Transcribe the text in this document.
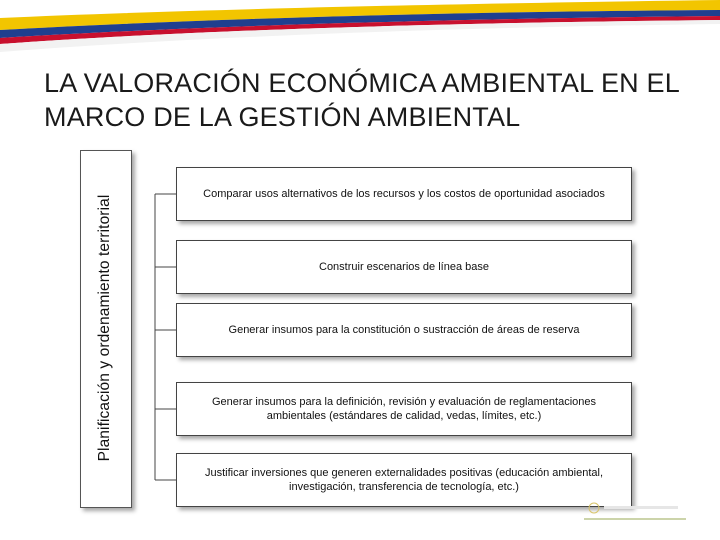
LA VALORACIÓN ECONÓMICA AMBIENTAL EN EL
MARCO DE LA GESTIÓN AMBIENTAL
Planificación y ordenamiento territorial
Comparar usos alternativos de los recursos y los costos de oportunidad asociados
Construir escenarios de línea base
Generar insumos para la constitución o sustracción de áreas de reserva
Generar insumos para la definición, revisión y evaluación de reglamentaciones ambientales (estándares de calidad, vedas, límites, etc.)
Justificar inversiones que generen externalidades positivas (educación ambiental, investigación, transferencia de tecnología, etc.)
